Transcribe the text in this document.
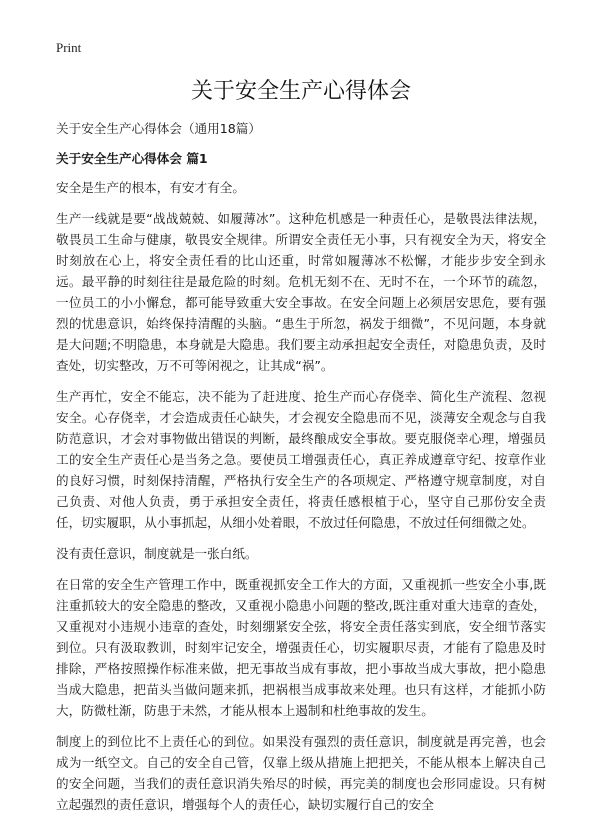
Print
关于安全生产心得体会

关于安全生产心得体会（通用18篇）

关于安全生产心得体会 篇1

安全是生产的根本，有安才有全。

生产一线就是要“战战兢兢、如履薄冰”。这种危机感是一种责任心，是敬畏法律法规，敬畏员工生命与健康，敬畏安全规律。所谓安全责任无小事，只有视安全为天，将安全时刻放在心上，将安全责任看的比山还重，时常如履薄冰不松懈，才能步步安全到永远。最平静的时刻往往是最危险的时刻。危机无刻不在、无时不在，一个环节的疏忽，一位员工的小小懈怠，都可能导致重大安全事故。在安全问题上必须居安思危，要有强烈的忧患意识，始终保持清醒的头脑。“患生于所忽，祸发于细微”，不见问题，本身就是大问题;不明隐患，本身就是大隐患。我们要主动承担起安全责任，对隐患负责，及时查处，切实整改，万不可等闲视之，让其成“祸”。

生产再忙，安全不能忘，决不能为了赶进度、抢生产而心存侥幸、简化生产流程、忽视安全。心存侥幸，才会造成责任心缺失，才会视安全隐患而不见，淡薄安全观念与自我防范意识，才会对事物做出错误的判断，最终酿成安全事故。要克服侥幸心理，增强员工的安全生产责任心是当务之急。要使员工增强责任心，真正养成遵章守纪、按章作业的良好习惯，时刻保持清醒，严格执行安全生产的各项规定、严格遵守规章制度，对自己负责、对他人负责，勇于承担安全责任，将责任感根植于心，坚守自己那份安全责任，切实履职，从小事抓起，从细小处着眼，不放过任何隐患，不放过任何细微之处。

没有责任意识，制度就是一张白纸。

在日常的安全生产管理工作中，既重视抓安全工作大的方面，又重视抓一些安全小事,既注重抓较大的安全隐患的整改，又重视小隐患小问题的整改,既注重对重大违章的查处，又重视对小违规小违章的查处，时刻绷紧安全弦，将安全责任落实到底，安全细节落实到位。只有汲取教训，时刻牢记安全，增强责任心，切实履职尽责，才能有了隐患及时排除，严格按照操作标准来做，把无事故当成有事故，把小事故当成大事故，把小隐患当成大隐患，把苗头当做问题来抓，把祸根当成事故来处理。也只有这样，才能抓小防大，防微杜渐，防患于未然，才能从根本上遏制和杜绝事故的发生。

制度上的到位比不上责任心的到位。如果没有强烈的责任意识，制度就是再完善，也会成为一纸空文。自己的安全自己管，仅靠上级从措施上把把关，不能从根本上解决自己的安全问题，当我们的责任意识消失殆尽的时候，再完美的制度也会形同虚设。只有树立起强烈的责任意识，增强每个人的责任心，缺切实履行自己的安全
